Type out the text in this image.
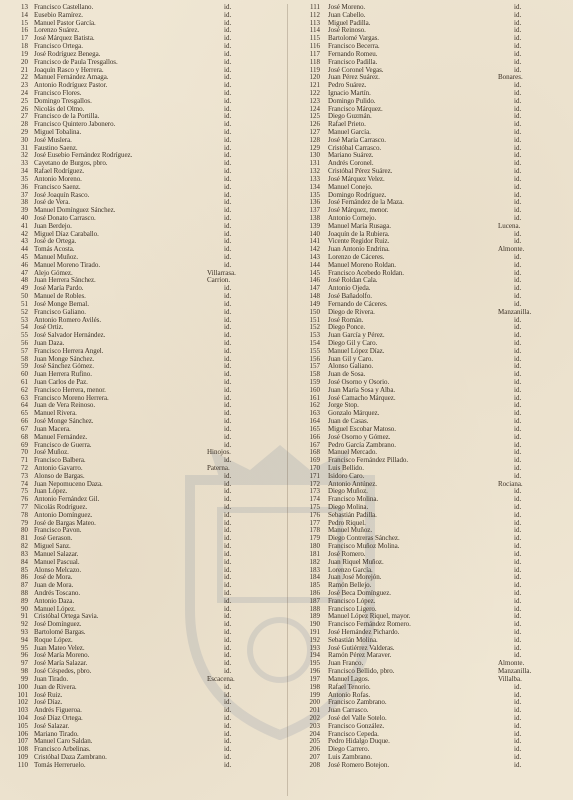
13 Francisco Castellano.	id.
14 Eusebio Ramírez.	id.
15 Manuel Pastor García.	id.
16 Lorenzo Suárez.	id.
17 José Márquez Batista.	id.
18 Francisco Ortega.	id.
19 José Rodríguez Benega.	id.
20 Francisco de Paula Tresgallos.	id.
21 Joaquín Rasco y Herrera.	id.
22 Manuel Fernández Amaga.	id.
23 Antonio Rodríguez Pastor.	id.
24 Francisco Flores.	id.
25 Domingo Tresgallos.	id.
26 Nicolás del Olmo.	id.
27 Francisco de la Portilla.	id.
28 Francisco Quintero Jabonero.	id.
29 Miguel Tobalina.	id.
30 José Muslera.	id.
31 Faustino Saenz.	id.
32 José Eusebio Fernández Rodríguez.	id.
33 Cayetano de Burgos, pbro.	id.
34 Rafael Rodríguez.	id.
35 Antonio Moreno.	id.
36 Francisco Saenz.	id.
37 José Joaquín Rasco.	id.
38 José de Vera.	id.
39 Manuel Domínguez Sánchez.	id.
40 José Donato Carrasco.	id.
41 Juan Berdejo.	id.
42 Miguel Díaz Caraballo.	id.
43 José de Ortega.	id.
44 Tomás Acosta.	id.
45 Manuel Muñoz.	id.
46 Manuel Moreno Tirado.	id.
47 Alejo Gómez.	Villarrasa.
48 Juan Herrera Sánchez.	Carrion.
49 José María Pardo.	id.
50 Manuel de Robles.	id.
51 José Monge Bernal.	id.
52 Francisco Galiano.	id.
53 Antonio Romero Avilés.	id.
54 José Ortiz.	id.
55 José Salvador Hernández.	id.
56 Juan Daza.	id.
57 Francisco Herrera Angel.	id.
58 Juan Monge Sánchez.	id.
59 José Sánchez Gómez.	id.
60 Juan Herrera Rufino.	id.
61 Juan Carlos de Paz.	id.
62 Francisco Herrera, menor.	id.
63 Francisco Moreno Herrera.	id.
64 Juan de Vera Reinoso.	id.
65 Manuel Rivera.	id.
66 José Monge Sánchez.	id.
67 Juan Macera.	id.
68 Manuel Fernández.	id.
69 Francisco de Guerra.	id.
70 José Muñoz.	Hinojos.
71 Francisco Balbera.	id.
72 Antonio Gavarro.	Paterna.
73 Alonso de Bargas.	id.
74 Juan Nepomuceno Daza.	id.
75 Juan López.	id.
76 Antonio Fernández Gil.	id.
77 Nicolás Rodríguez.	id.
78 Antonio Domínguez.	id.
79 José de Bargas Mateo.	id.
80 Francisco Pavon.	id.
81 José Gerason.	id.
82 Miguel Sanz.	id.
83 Manuel Salazar.	id.
84 Manuel Pascual.	id.
85 Alonso Melcazo.	id.
86 José de Mora.	id.
87 Juan de Mora.	id.
88 Andrés Toscano.	id.
89 Antonio Daza.	id.
90 Manuel López.	id.
91 Cristóbal Ortega Savia.	id.
92 José Domínguez.	id.
93 Bartolomé Bargas.	id.
94 Roque López.	id.
95 Juan Mateo Velez.	id.
96 José María Moreno.	id.
97 José María Salazar.	id.
98 José Céspedes, pbro.	id.
99 Juan Tirado.	Escacena.
100 Juan de Rivera.	id.
101 José Ruiz.	id.
102 José Díaz.	id.
103 Andrés Figueroa.	id.
104 José Díaz Ortega.	id.
105 José Salazar.	id.
106 Mariano Tirado.	id.
107 Manuel Caro Saldan.	id.
108 Francisco Arbelinas.	id.
109 Cristóbal Daza Zambrano.	id.
110 Tomás Herreruelo.	id.
111 José Moreno.	id.
112 Juan Cabello.	id.
113 Miguel Padilla.	id.
114 José Reinoso.	id.
115 Bartolomé Vargas.	id.
116 Francisco Becerra.	id.
117 Fernando Romeu.	id.
118 Francisco Padilla.	id.
119 José Coronel Vegas.	id.
120 Juan Pérez Suárez.	Bonares.
121 Pedro Suárez.	id.
122 Ignacio Martín.	id.
123 Domingo Pulido.	id.
124 Francisco Márquez.	id.
125 Diego Guzmán.	id.
126 Rafael Prieto.	id.
127 Manuel García.	id.
128 José María Carrasco.	id.
129 Cristóbal Carrasco.	id.
130 Mariano Suárez.	id.
131 Andrés Coronel.	id.
132 Cristóbal Pérez Suárez.	id.
133 José Márquez Velez.	id.
134 Manuel Conejo.	id.
135 Domingo Rodríguez.	id.
136 José Fernández de la Maza.	id.
137 José Márquez, menor.	id.
138 Antonio Cornejo.	id.
139 Manuel María Rusaga.	Lucena.
140 Joaquín de la Rubiera.	id.
141 Vicente Regidor Ruiz.	id.
142 Juan Antonio Endrina.	Almonte.
143 Lorenzo de Cáceres.	id.
144 Manuel Moreno Roldan.	id.
145 Francisco Acebedo Roldan.	id.
146 José Roldan Cala.	id.
147 Antonio Ojeda.	id.
148 José Bañadolfo.	id.
149 Fernando de Cáceres.	id.
150 Diego de Rivera.	Manzanilla.
151 José Román.	id.
152 Diego Ponce.	id.
153 Juan García y Pérez.	id.
154 Diego Gil y Caro.	id.
155 Manuel López Díaz.	id.
156 Juan Gil y Caro.	id.
157 Alonso Galiano.	id.
158 Juan de Sosa.	id.
159 José Osorno y Osorio.	id.
160 Juan María Sosa y Alba.	id.
161 José Camacho Márquez.	id.
162 Jorge Stop.	id.
163 Gonzalo Márquez.	id.
164 Juan de Casas.	id.
165 Miguel Escobar Matoso.	id.
166 José Osorno y Gómez.	id.
167 Pedro García Zambrano.	id.
168 Manuel Mercado.	id.
169 Francisco Fernández Pillado.	id.
170 Luis Bellido.	id.
171 Isidoro Caro.	id.
172 Antonio Antúnez.	Rociana.
173 Diego Muñoz.	id.
174 Francisco Molina.	id.
175 Diego Molina.	id.
176 Sebastián Padilla.	id.
177 Pedro Riquel.	id.
178 Manuel Muñoz.	id.
179 Diego Contreras Sánchez.	id.
180 Francisco Muñoz Molina.	id.
181 José Romero.	id.
182 Juan Riquel Muñoz.	id.
183 Lorenzo García.	id.
184 Juan José Morejón.	id.
185 Ramón Bellejo.	id.
186 José Beca Domínguez.	id.
187 Francisco López.	id.
188 Francisco Ligero.	id.
189 Manuel López Riquel, mayor.	id.
190 Francisco Fernández Romero.	id.
191 José Hernández Pichardo.	id.
192 Sebastián Molina.	id.
193 José Gutiérrez Valderas.	id.
194 Ramón Pérez Maraver.	id.
195 Juan Franco.	Almonte.
196 Francisco Bellido, pbro.	Manzanilla.
197 Manuel Lagos.	Villalba.
198 Rafael Tenorio.	id.
199 Antonio Rofas.	id.
200 Francisco Zambrano.	id.
201 Juan Carrasco.	id.
202 José del Valle Sotelo.	id.
203 Francisco González.	id.
204 Francisco Cepeda.	id.
205 Pedro Hidalgo Duque.	id.
206 Diego Carrero.	id.
207 Luis Zambrano.	id.
208 José Romero Botejon.	id.
